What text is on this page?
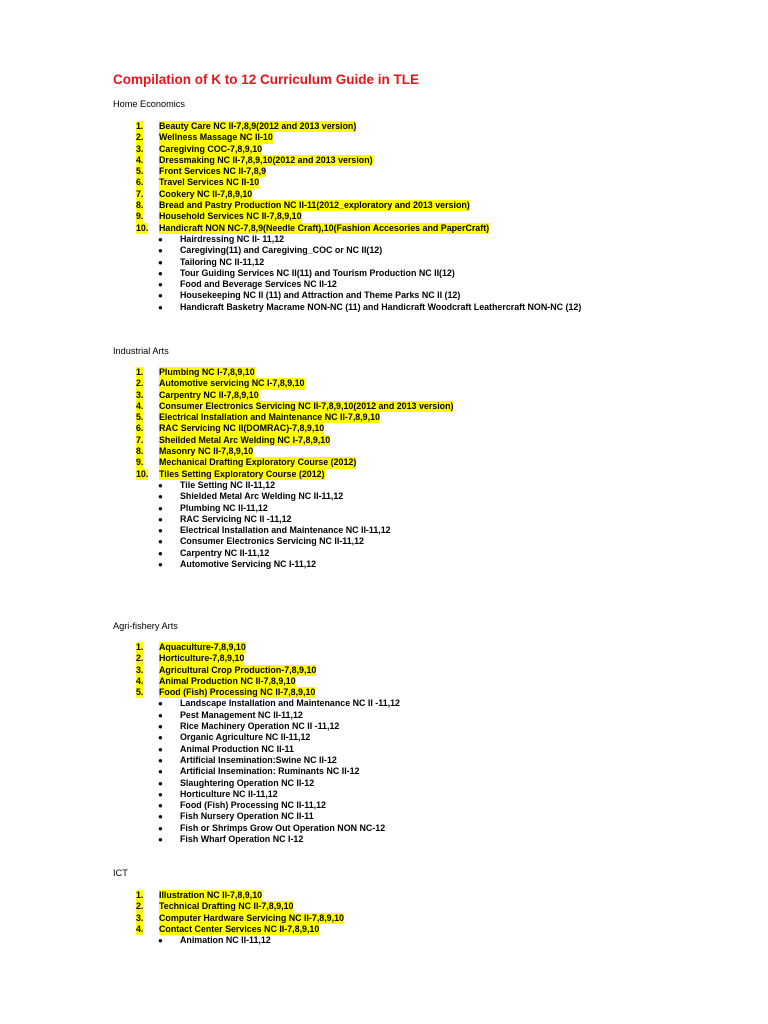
Compilation of K to 12 Curriculum Guide in TLE
Home Economics
1. Beauty Care NC II-7,8,9(2012 and 2013 version)
2. Wellness Massage NC II-10
3. Caregiving COC-7,8,9,10
4. Dressmaking NC II-7,8,9,10(2012 and 2013 version)
5. Front Services NC II-7,8,9
6. Travel Services NC II-10
7. Cookery NC II-7,8,9,10
8. Bread and Pastry Production NC II-11(2012_exploratory and 2013 version)
9. Household Services NC II-7,8,9,10
10. Handicraft NON NC-7,8,9(Needle Craft),10(Fashion Accesories and PaperCraft)
● Hairdressing NC II- 11,12
● Caregiving(11) and Caregiving_COC or NC II(12)
● Tailoring NC II-11,12
● Tour Guiding Services NC II(11) and Tourism Production NC II(12)
● Food and Beverage Services NC II-12
● Housekeeping NC II (11) and Attraction and Theme Parks NC II (12)
● Handicraft Basketry Macrame NON-NC (11) and Handicraft Woodcraft Leathercraft NON-NC (12)
Industrial Arts
1. Plumbing NC I-7,8,9,10
2. Automotive servicing NC I-7,8,9,10
3. Carpentry NC II-7,8,9,10
4. Consumer Electronics Servicing NC II-7,8,9,10(2012 and 2013 version)
5. Electrical Installation and Maintenance NC II-7,8,9,10
6. RAC Servicing NC II(DOMRAC)-7,8,9,10
7. Sheilded Metal Arc Welding NC I-7,8,9,10
8. Masonry NC II-7,8,9,10
9. Mechanical Drafting Exploratory Course (2012)
10. Tiles Setting Exploratory Course (2012)
● Tile Setting NC II-11,12
● Shielded Metal Arc Welding NC II-11,12
● Plumbing NC II-11,12
● RAC Servicing NC II -11,12
● Electrical Installation and Maintenance NC II-11,12
● Consumer Electronics Servicing NC II-11,12
● Carpentry NC II-11,12
● Automotive Servicing NC I-11,12
Agri-fishery Arts
1. Aquaculture-7,8,9,10
2. Horticulture-7,8,9,10
3. Agricultural Crop Production-7,8,9,10
4. Animal Production NC II-7,8,9,10
5. Food (Fish) Processing NC II-7,8,9,10
● Landscape Installation and Maintenance NC II -11,12
● Pest Management NC II-11,12
● Rice Machinery Operation NC II -11,12
● Organic Agriculture NC II-11,12
● Animal Production NC II-11
● Artificial Insemination:Swine NC II-12
● Artificial Insemination: Ruminants NC II-12
● Slaughtering Operation NC II-12
● Horticulture NC II-11,12
● Food (Fish) Processing NC II-11,12
● Fish Nursery Operation NC II-11
● Fish or Shrimps Grow Out Operation NON NC-12
● Fish Wharf Operation NC I-12
ICT
1. Illustration NC II-7,8,9,10
2. Technical Drafting NC II-7,8,9,10
3. Computer Hardware Servicing NC II-7,8,9,10
4. Contact Center Services NC II-7,8,9,10
● Animation NC II-11,12
